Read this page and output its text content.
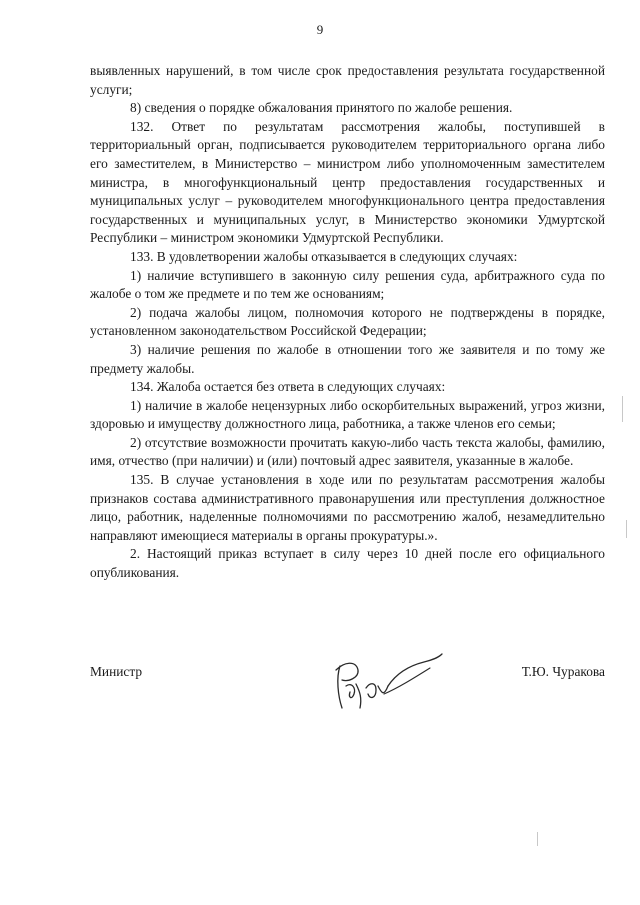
9

выявленных нарушений, в том числе срок предоставления результата государственной услуги;

8) сведения о порядке обжалования принятого по жалобе решения.

132. Ответ по результатам рассмотрения жалобы, поступившей в территориальный орган, подписывается руководителем территориального органа либо его заместителем, в Министерство – министром либо уполномоченным заместителем министра, в многофункциональный центр предоставления государственных и муниципальных услуг – руководителем многофункционального центра предоставления государственных и муниципальных услуг, в Министерство экономики Удмуртской Республики – министром экономики Удмуртской Республики.

133. В удовлетворении жалобы отказывается в следующих случаях:

1) наличие вступившего в законную силу решения суда, арбитражного суда по жалобе о том же предмете и по тем же основаниям;

2) подача жалобы лицом, полномочия которого не подтверждены в порядке, установленном законодательством Российской Федерации;

3) наличие решения по жалобе в отношении того же заявителя и по тому же предмету жалобы.

134. Жалоба остается без ответа в следующих случаях:

1) наличие в жалобе нецензурных либо оскорбительных выражений, угроз жизни, здоровью и имуществу должностного лица, работника, а также членов его семьи;

2) отсутствие возможности прочитать какую-либо часть текста жалобы, фамилию, имя, отчество (при наличии) и (или) почтовый адрес заявителя, указанные в жалобе.

135. В случае установления в ходе или по результатам рассмотрения жалобы признаков состава административного правонарушения или преступления должностное лицо, работник, наделенные полномочиями по рассмотрению жалоб, незамедлительно направляют имеющиеся материалы в органы прокуратуры.».

2. Настоящий приказ вступает в силу через 10 дней после его официального опубликования.

Министр	Т.Ю. Чуракова
